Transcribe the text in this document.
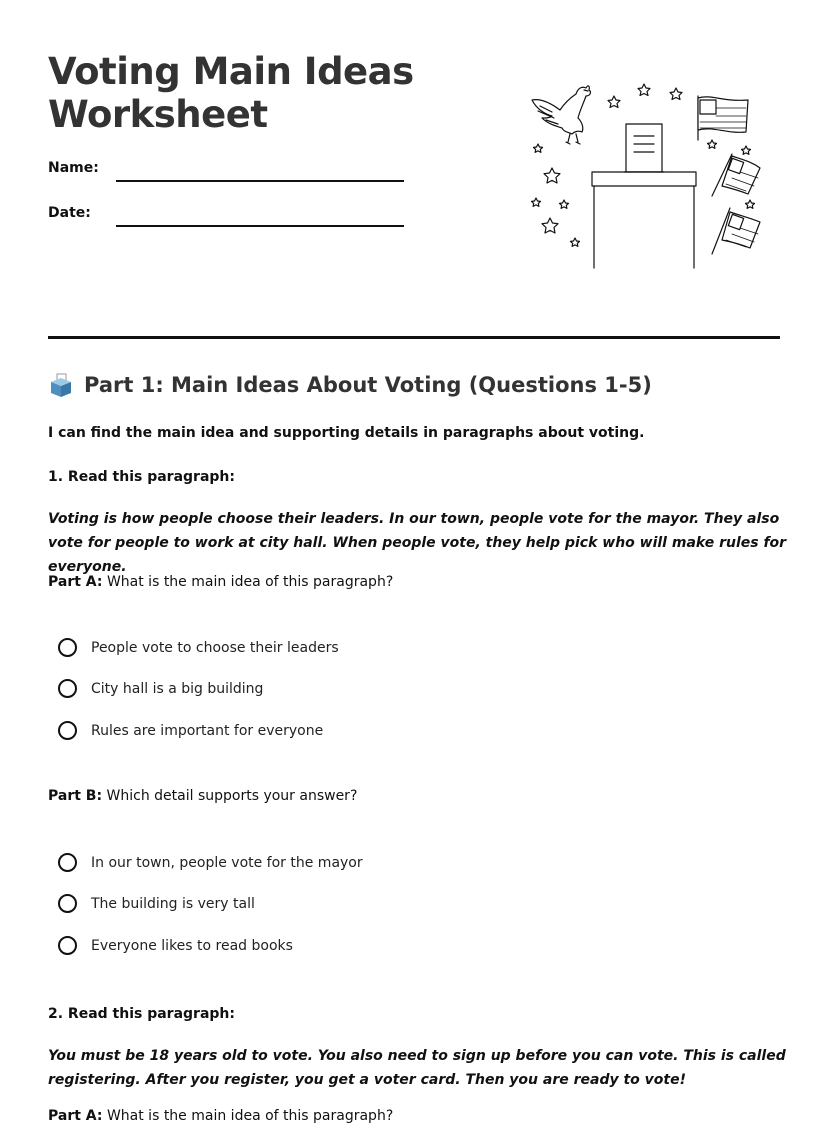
Voting Main Ideas
Worksheet
Name:
Date:
Part 1: Main Ideas About Voting (Questions 1-5)
I can find the main idea and supporting details in paragraphs about voting.
1. Read this paragraph:
Voting is how people choose their leaders. In our town, people vote for the mayor. They also vote for people to work at city hall. When people vote, they help pick who will make rules for everyone.
Part A: What is the main idea of this paragraph?
People vote to choose their leaders
City hall is a big building
Rules are important for everyone
Part B: Which detail supports your answer?
In our town, people vote for the mayor
The building is very tall
Everyone likes to read books
2. Read this paragraph:
You must be 18 years old to vote. You also need to sign up before you can vote. This is called registering. After you register, you get a voter card. Then you are ready to vote!
Part A: What is the main idea of this paragraph?
